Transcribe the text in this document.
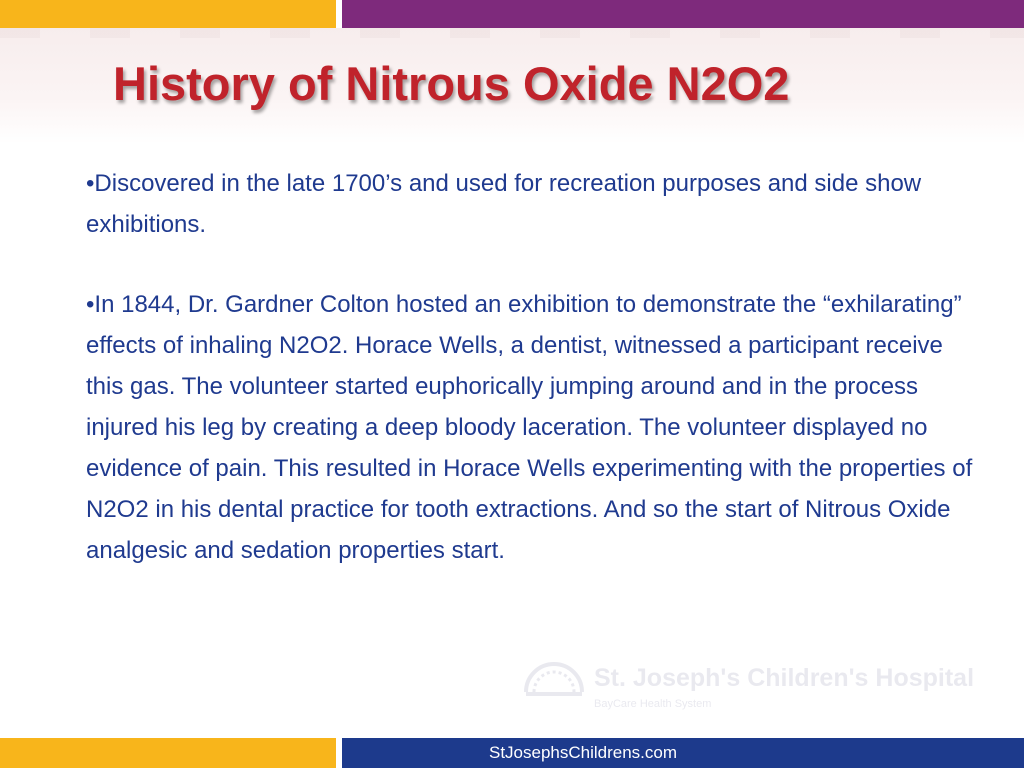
History of Nitrous Oxide N2O2

•Discovered in the late 1700’s and used for recreation purposes and side show exhibitions.

•In 1844, Dr. Gardner Colton hosted an exhibition to demonstrate the “exhilarating” effects of inhaling N2O2. Horace Wells, a dentist, witnessed a participant receive this gas. The volunteer started euphorically jumping around and in the process injured his leg by creating a deep bloody laceration. The volunteer displayed no evidence of pain. This resulted in Horace Wells experimenting with the properties of N2O2 in his dental practice for tooth extractions. And so the start of Nitrous Oxide analgesic and sedation properties start.

St. Joseph's Children's Hospital
BayCare Health System
StJosephsChildrens.com
